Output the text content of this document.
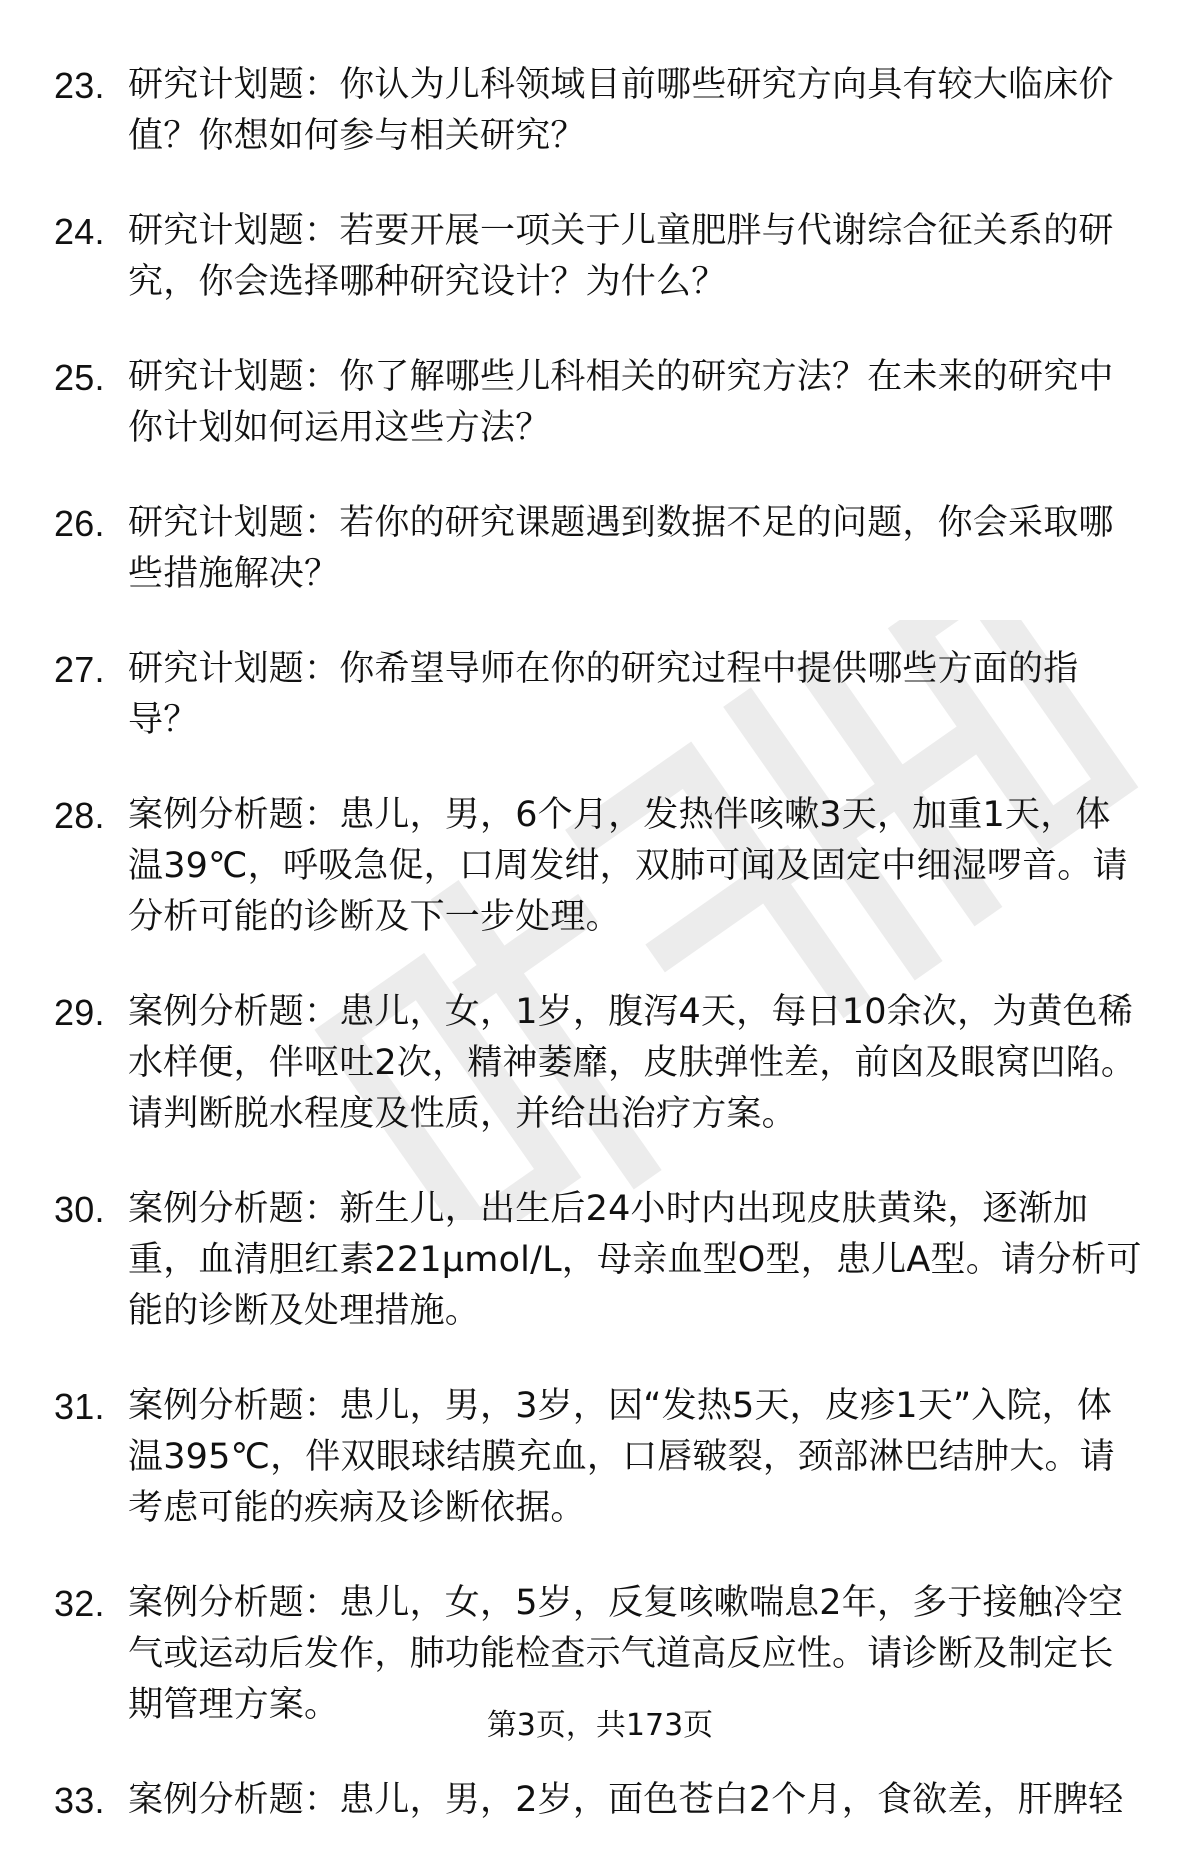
23. 研究计划题：你认为儿科领域目前哪些研究方向具有较大临床价值？你想如何参与相关研究？
24. 研究计划题：若要开展一项关于儿童肥胖与代谢综合征关系的研究，你会选择哪种研究设计？为什么？
25. 研究计划题：你了解哪些儿科相关的研究方法？在未来的研究中你计划如何运用这些方法？
26. 研究计划题：若你的研究课题遇到数据不足的问题，你会采取哪些措施解决？
27. 研究计划题：你希望导师在你的研究过程中提供哪些方面的指导？
28. 案例分析题：患儿，男，6个月，发热伴咳嗽3天，加重1天，体温39℃，呼吸急促，口周发绀，双肺可闻及固定中细湿啰音。请分析可能的诊断及下一步处理。
29. 案例分析题：患儿，女，1岁，腹泻4天，每日10余次，为黄色稀水样便，伴呕吐2次，精神萎靡，皮肤弹性差，前囟及眼窝凹陷。请判断脱水程度及性质，并给出治疗方案。
30. 案例分析题：新生儿，出生后24小时内出现皮肤黄染，逐渐加重，血清胆红素221μmol/L，母亲血型O型，患儿A型。请分析可能的诊断及处理措施。
31. 案例分析题：患儿，男，3岁，因“发热5天，皮疹1天”入院，体温395℃，伴双眼球结膜充血，口唇皲裂，颈部淋巴结肿大。请考虑可能的疾病及诊断依据。
32. 案例分析题：患儿，女，5岁，反复咳嗽喘息2年，多于接触冷空气或运动后发作，肺功能检查示气道高反应性。请诊断及制定长期管理方案。
33. 案例分析题：患儿，男，2岁，面色苍白2个月，食欲差，肝脾轻
第3页，共173页
